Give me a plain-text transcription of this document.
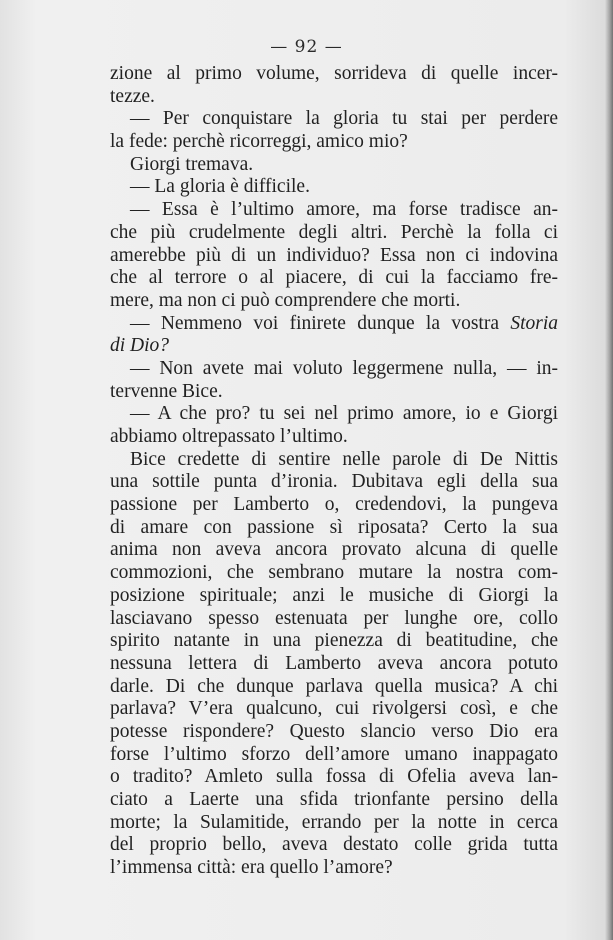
— 92 —
zione al primo volume, sorrideva di quelle incer-
tezze.
— Per conquistare la gloria tu stai per perdere
la fede: perchè ricorreggi, amico mio?
Giorgi tremava.
— La gloria è difficile.
— Essa è l’ultimo amore, ma forse tradisce an-
che più crudelmente degli altri. Perchè la folla ci
amerebbe più di un individuo? Essa non ci indovina
che al terrore o al piacere, di cui la facciamo fre-
mere, ma non ci può comprendere che morti.
— Nemmeno voi finirete dunque la vostra Storia
di Dio?
— Non avete mai voluto leggermene nulla, — in-
tervenne Bice.
— A che pro? tu sei nel primo amore, io e Giorgi
abbiamo oltrepassato l’ultimo.
Bice credette di sentire nelle parole di De Nittis
una sottile punta d’ironia. Dubitava egli della sua
passione per Lamberto o, credendovi, la pungeva
di amare con passione sì riposata? Certo la sua
anima non aveva ancora provato alcuna di quelle
commozioni, che sembrano mutare la nostra com-
posizione spirituale; anzi le musiche di Giorgi la
lasciavano spesso estenuata per lunghe ore, collo
spirito natante in una pienezza di beatitudine, che
nessuna lettera di Lamberto aveva ancora potuto
darle. Di che dunque parlava quella musica? A chi
parlava? V’era qualcuno, cui rivolgersi così, e che
potesse rispondere? Questo slancio verso Dio era
forse l’ultimo sforzo dell’amore umano inappagato
o tradito? Amleto sulla fossa di Ofelia aveva lan-
ciato a Laerte una sfida trionfante persino della
morte; la Sulamitide, errando per la notte in cerca
del proprio bello, aveva destato colle grida tutta
l’immensa città: era quello l’amore?
